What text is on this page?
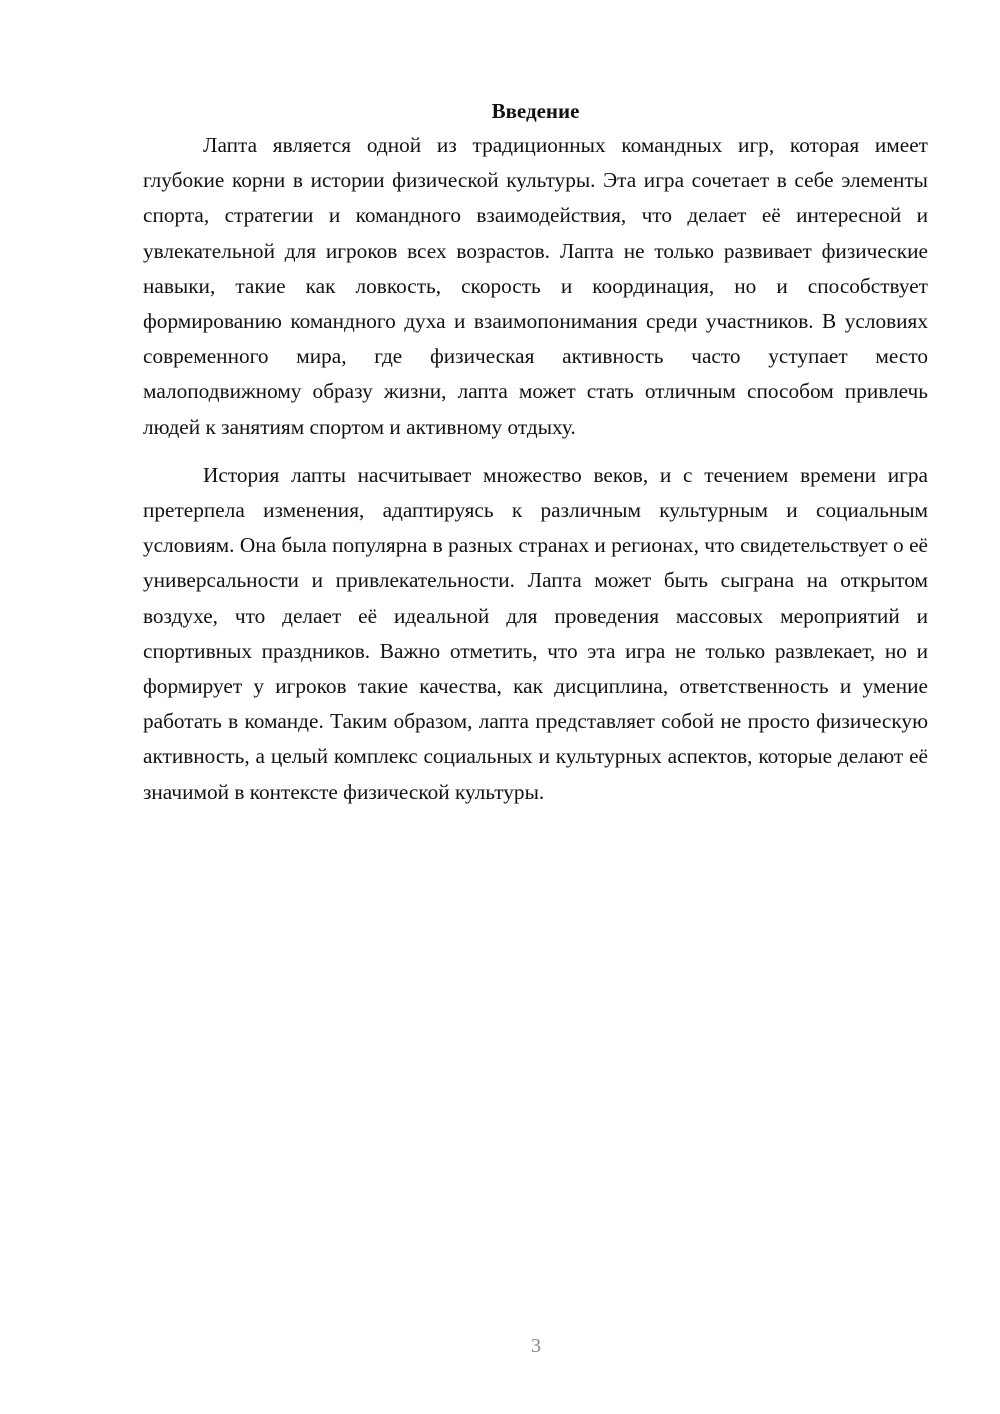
Введение

Лапта является одной из традиционных командных игр, которая имеет глубокие корни в истории физической культуры. Эта игра сочетает в себе элементы спорта, стратегии и командного взаимодействия, что делает её интересной и увлекательной для игроков всех возрастов. Лапта не только развивает физические навыки, такие как ловкость, скорость и координация, но и способствует формированию командного духа и взаимопонимания среди участников. В условиях современного мира, где физическая активность часто уступает место малоподвижному образу жизни, лапта может стать отличным способом привлечь людей к занятиям спортом и активному отдыху.

История лапты насчитывает множество веков, и с течением времени игра претерпела изменения, адаптируясь к различным культурным и социальным условиям. Она была популярна в разных странах и регионах, что свидетельствует о её универсальности и привлекательности. Лапта может быть сыграна на открытом воздухе, что делает её идеальной для проведения массовых мероприятий и спортивных праздников. Важно отметить, что эта игра не только развлекает, но и формирует у игроков такие качества, как дисциплина, ответственность и умение работать в команде. Таким образом, лапта представляет собой не просто физическую активность, а целый комплекс социальных и культурных аспектов, которые делают её значимой в контексте физической культуры.

3
